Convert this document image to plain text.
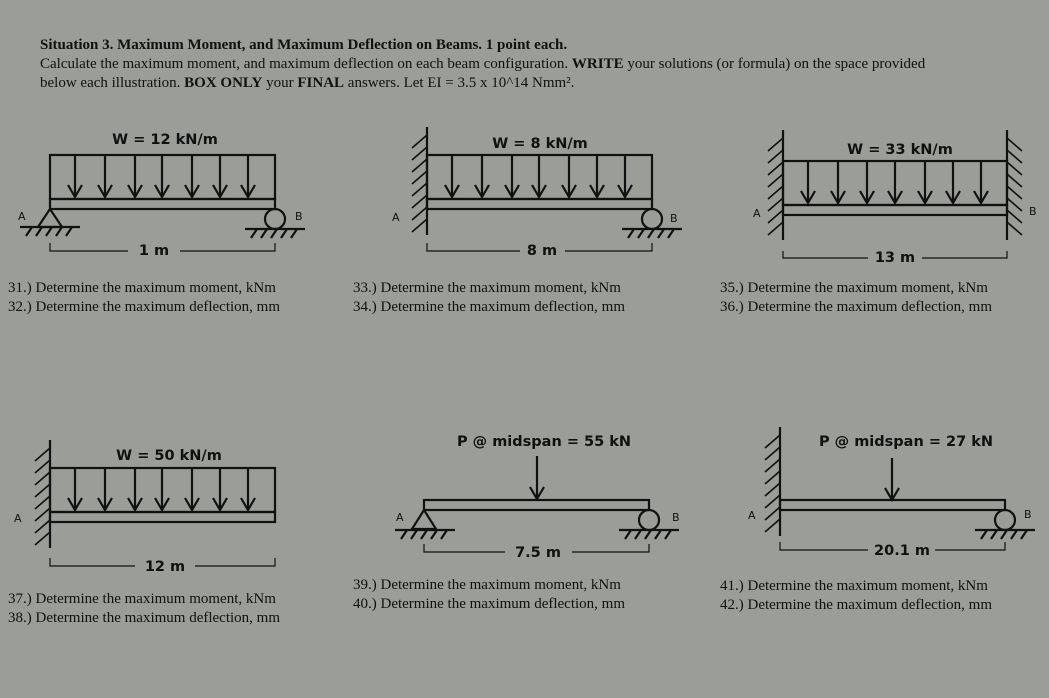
Situation 3. Maximum Moment, and Maximum Deflection on Beams. 1 point each.
Calculate the maximum moment, and maximum deflection on each beam configuration. WRITE your solutions (or formula) on the space provided
below each illustration. BOX ONLY your FINAL answers. Let EI = 3.5 x 10^14 Nmm².
W = 12 kN/m
A	B
1 m
W = 8 kN/m
A	B
8 m
W = 33 kN/m
A	B
13 m
W = 50 kN/m
A
12 m
P @ midspan = 55 kN
A	B
7.5 m
P @ midspan = 27 kN
A	B
20.1 m
31.) Determine the maximum moment, kNm
32.) Determine the maximum deflection, mm
33.) Determine the maximum moment, kNm
34.) Determine the maximum deflection, mm
35.) Determine the maximum moment, kNm
36.) Determine the maximum deflection, mm
37.) Determine the maximum moment, kNm
38.) Determine the maximum deflection, mm
39.) Determine the maximum moment, kNm
40.) Determine the maximum deflection, mm
41.) Determine the maximum moment, kNm
42.) Determine the maximum deflection, mm
